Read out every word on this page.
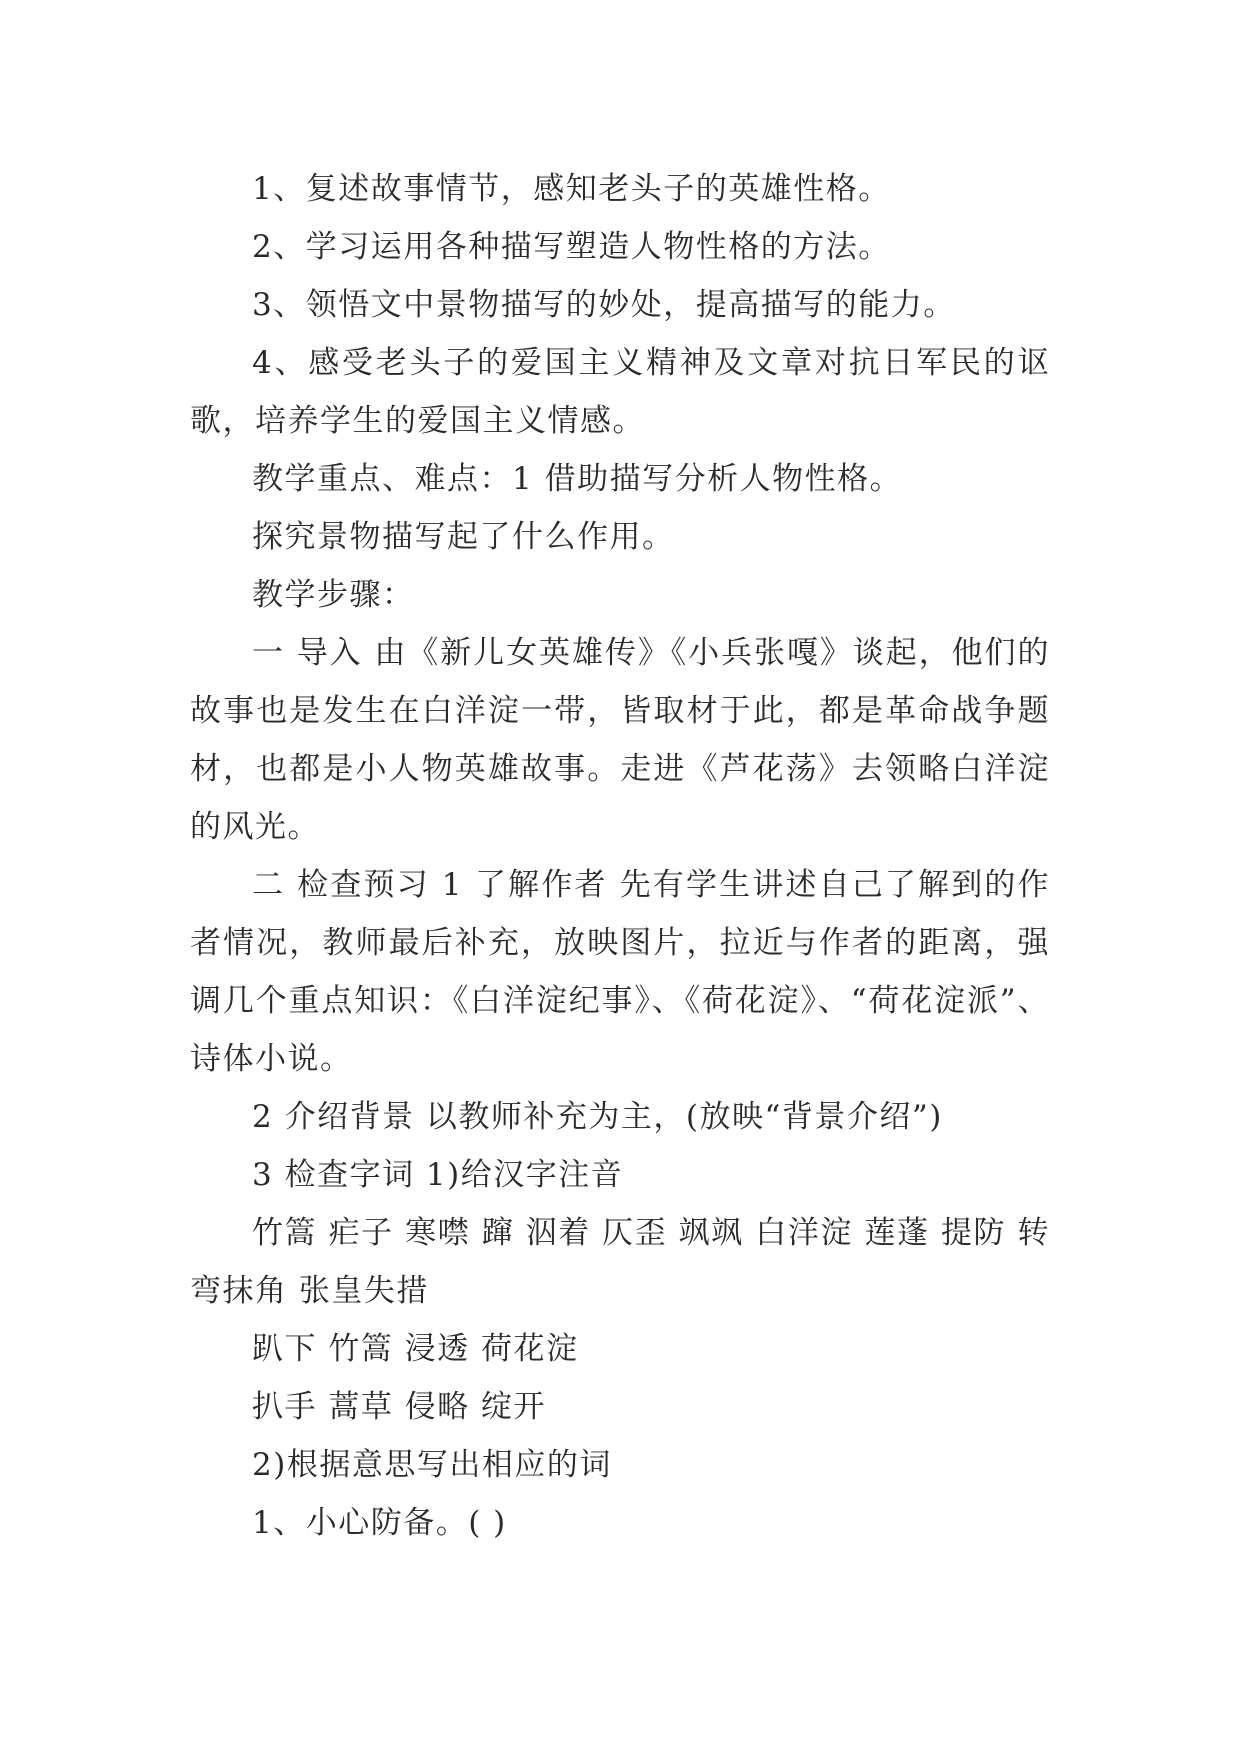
1、复述故事情节，感知老头子的英雄性格。

2、学习运用各种描写塑造人物性格的方法。

3、领悟文中景物描写的妙处，提高描写的能力。

4、感受老头子的爱国主义精神及文章对抗日军民的讴歌，培养学生的爱国主义情感。

教学重点、难点：1 借助描写分析人物性格。

探究景物描写起了什么作用。

教学步骤：

一 导入 由《新儿女英雄传》《小兵张嘎》谈起，他们的故事也是发生在白洋淀一带，皆取材于此，都是革命战争题材，也都是小人物英雄故事。走进《芦花荡》去领略白洋淀的风光。

二 检查预习 1 了解作者 先有学生讲述自己了解到的作者情况，教师最后补充，放映图片，拉近与作者的距离，强调几个重点知识：《白洋淀纪事》、《荷花淀》、“荷花淀派”、诗体小说。

2 介绍背景 以教师补充为主，(放映“背景介绍”)

3 检查字词 1)给汉字注音

竹篙 疟子 寒噤 蹿 泅着 仄歪 飒飒 白洋淀 莲蓬 提防 转弯抹角 张皇失措

趴下 竹篙 浸透 荷花淀

扒手 蒿草 侵略 绽开

2)根据意思写出相应的词

1、小心防备。( )
